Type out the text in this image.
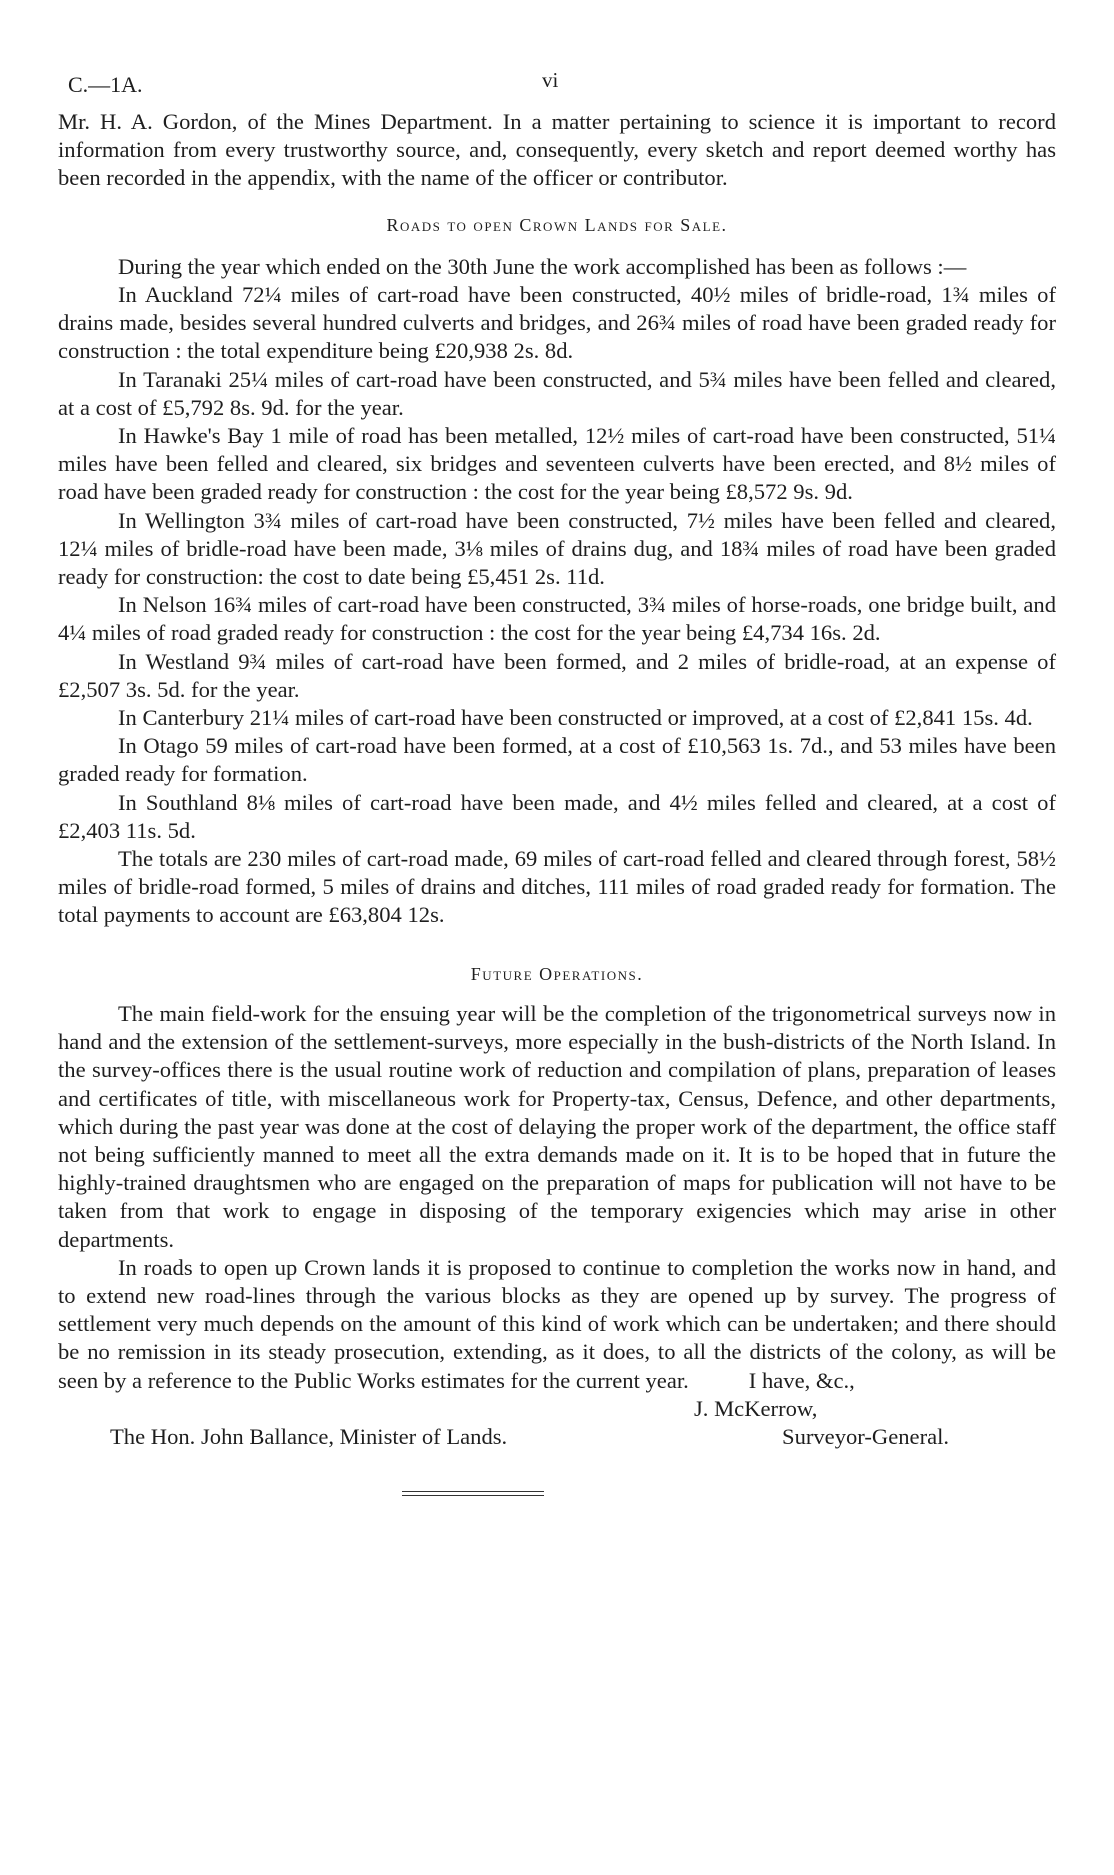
C.—1A.	vi

Mr. H. A. Gordon, of the Mines Department. In a matter pertaining to science it is important to record information from every trustworthy source, and, consequently, every sketch and report deemed worthy has been recorded in the appendix, with the name of the officer or contributor.

Roads to open Crown Lands for Sale.

During the year which ended on the 30th June the work accomplished has been as follows :—

In Auckland 72¼ miles of cart-road have been constructed, 40½ miles of bridle-road, 1¾ miles of drains made, besides several hundred culverts and bridges, and 26¾ miles of road have been graded ready for construction : the total expenditure being £20,938 2s. 8d.

In Taranaki 25¼ miles of cart-road have been constructed, and 5¾ miles have been felled and cleared, at a cost of £5,792 8s. 9d. for the year.

In Hawke's Bay 1 mile of road has been metalled, 12½ miles of cart-road have been constructed, 51¼ miles have been felled and cleared, six bridges and seventeen culverts have been erected, and 8½ miles of road have been graded ready for construction : the cost for the year being £8,572 9s. 9d.

In Wellington 3¾ miles of cart-road have been constructed, 7½ miles have been felled and cleared, 12¼ miles of bridle-road have been made, 3⅛ miles of drains dug, and 18¾ miles of road have been graded ready for construction: the cost to date being £5,451 2s. 11d.

In Nelson 16¾ miles of cart-road have been constructed, 3¾ miles of horse-roads, one bridge built, and 4¼ miles of road graded ready for construction : the cost for the year being £4,734 16s. 2d.

In Westland 9¾ miles of cart-road have been formed, and 2 miles of bridle-road, at an expense of £2,507 3s. 5d. for the year.

In Canterbury 21¼ miles of cart-road have been constructed or improved, at a cost of £2,841 15s. 4d.

In Otago 59 miles of cart-road have been formed, at a cost of £10,563 1s. 7d., and 53 miles have been graded ready for formation.

In Southland 8⅛ miles of cart-road have been made, and 4½ miles felled and cleared, at a cost of £2,403 11s. 5d.

The totals are 230 miles of cart-road made, 69 miles of cart-road felled and cleared through forest, 58½ miles of bridle-road formed, 5 miles of drains and ditches, 111 miles of road graded ready for formation. The total payments to account are £63,804 12s.

Future Operations.

The main field-work for the ensuing year will be the completion of the trigonometrical surveys now in hand and the extension of the settlement-surveys, more especially in the bush-districts of the North Island. In the survey-offices there is the usual routine work of reduction and compilation of plans, preparation of leases and certificates of title, with miscellaneous work for Property-tax, Census, Defence, and other departments, which during the past year was done at the cost of delaying the proper work of the department, the office staff not being sufficiently manned to meet all the extra demands made on it. It is to be hoped that in future the highly-trained draughtsmen who are engaged on the preparation of maps for publication will not have to be taken from that work to engage in disposing of the temporary exigencies which may arise in other departments.

In roads to open up Crown lands it is proposed to continue to completion the works now in hand, and to extend new road-lines through the various blocks as they are opened up by survey. The progress of settlement very much depends on the amount of this kind of work which can be undertaken; and there should be no remission in its steady prosecution, extending, as it does, to all the districts of the colony, as will be seen by a reference to the Public Works estimates for the current year.	I have, &c.,

J. McKerrow,
The Hon. John Ballance, Minister of Lands.	Surveyor-General.
